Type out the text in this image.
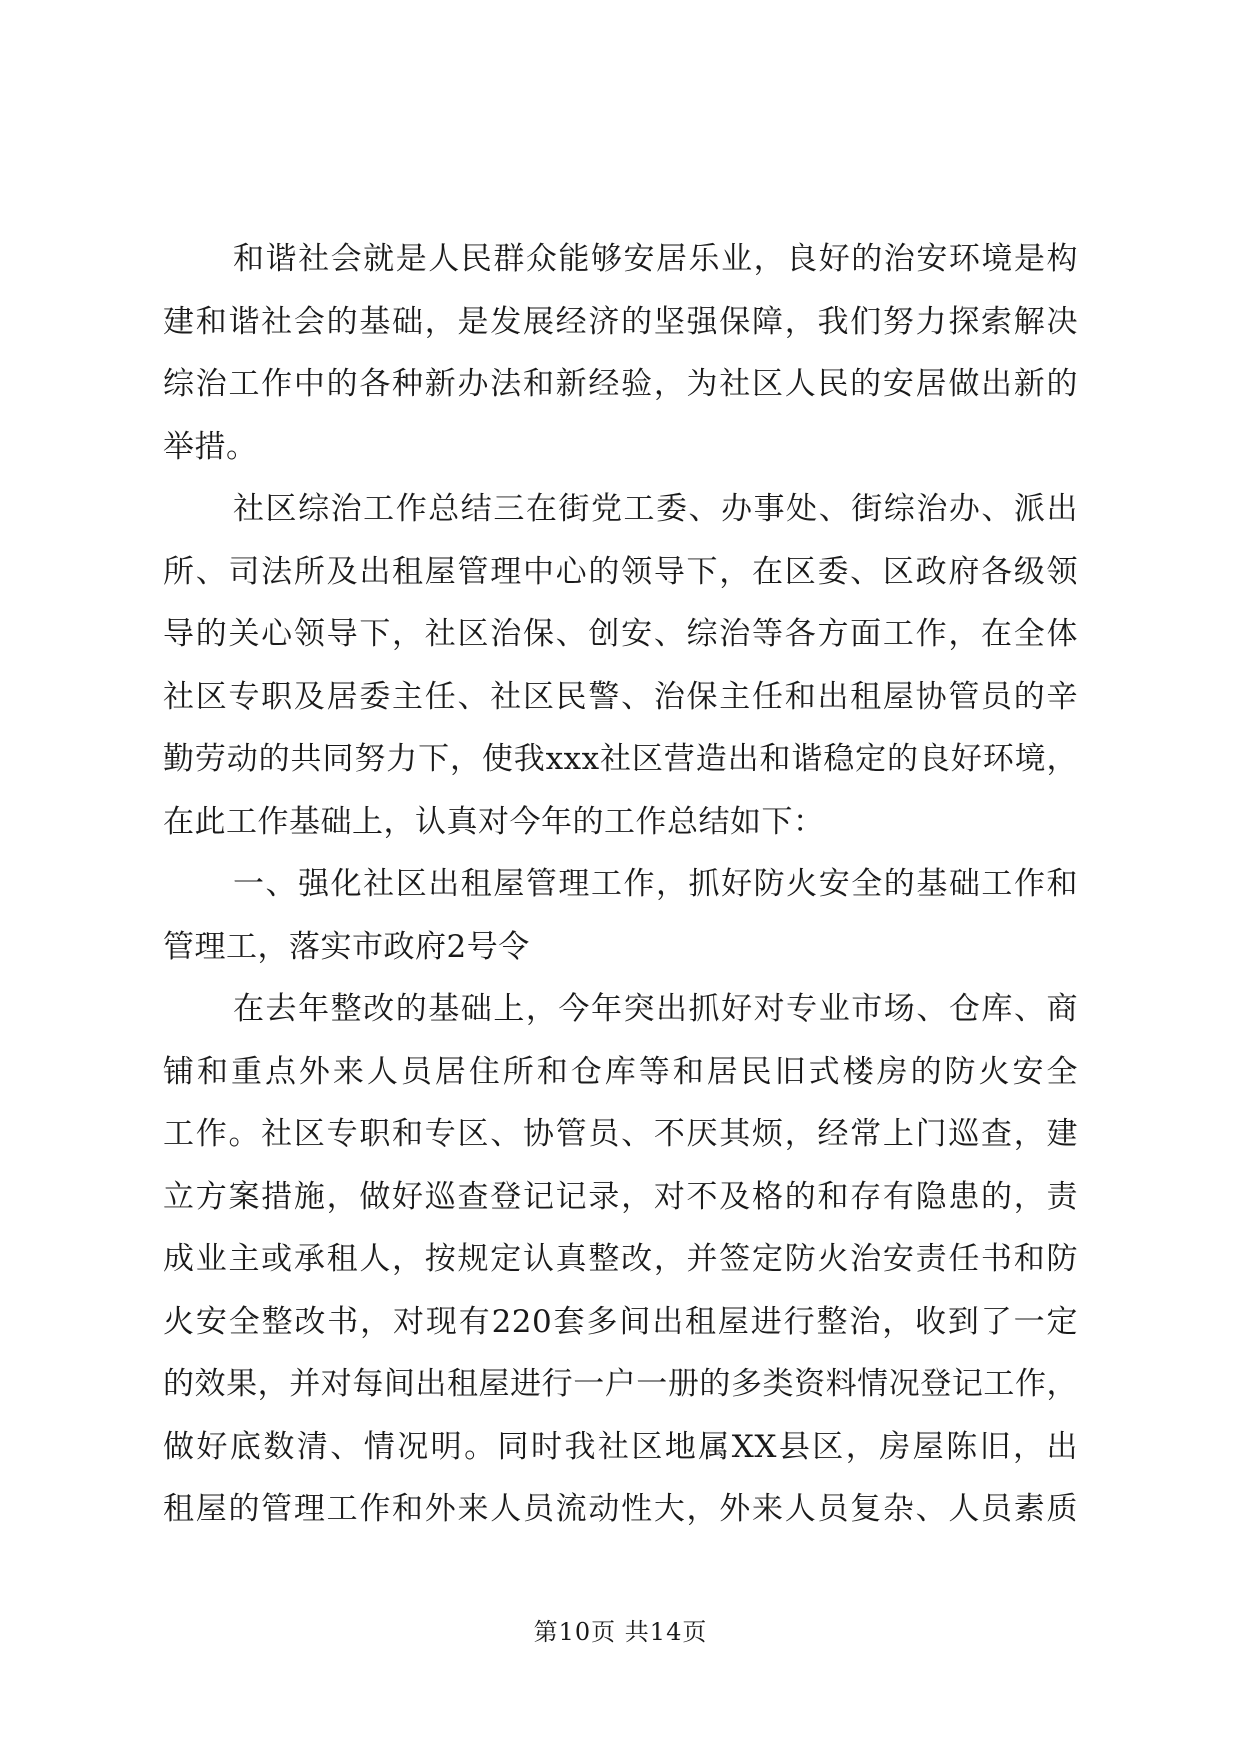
和谐社会就是人民群众能够安居乐业，良好的治安环境是构
建和谐社会的基础，是发展经济的坚强保障，我们努力探索解决
综治工作中的各种新办法和新经验，为社区人民的安居做出新的
举措。
社区综治工作总结三在街党工委、办事处、街综治办、派出
所、司法所及出租屋管理中心的领导下，在区委、区政府各级领
导的关心领导下，社区治保、创安、综治等各方面工作，在全体
社区专职及居委主任、社区民警、治保主任和出租屋协管员的辛
勤劳动的共同努力下，使我xxx社区营造出和谐稳定的良好环境，
在此工作基础上，认真对今年的工作总结如下：
一、强化社区出租屋管理工作，抓好防火安全的基础工作和
管理工，落实市政府2号令
在去年整改的基础上，今年突出抓好对专业市场、仓库、商
铺和重点外来人员居住所和仓库等和居民旧式楼房的防火安全
工作。社区专职和专区、协管员、不厌其烦，经常上门巡查，建
立方案措施，做好巡查登记记录，对不及格的和存有隐患的，责
成业主或承租人，按规定认真整改，并签定防火治安责任书和防
火安全整改书，对现有220套多间出租屋进行整治，收到了一定
的效果，并对每间出租屋进行一户一册的多类资料情况登记工作，
做好底数清、情况明。同时我社区地属XX县区，房屋陈旧，出
租屋的管理工作和外来人员流动性大，外来人员复杂、人员素质
第10页 共14页
